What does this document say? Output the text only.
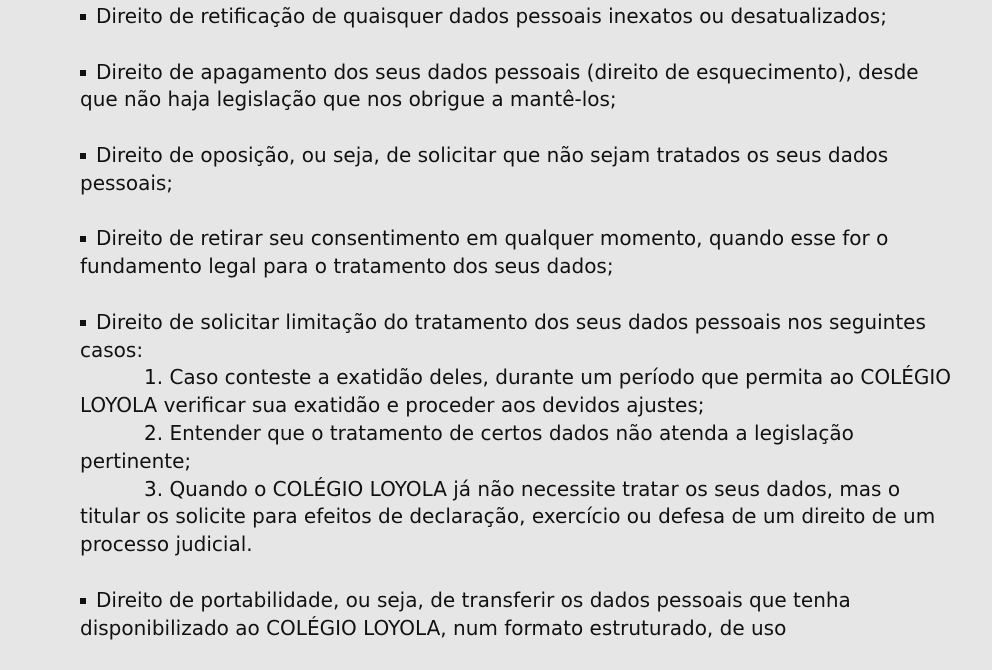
Direito de retificação de quaisquer dados pessoais inexatos ou desatualizados;

Direito de apagamento dos seus dados pessoais (direito de esquecimento), desde que não haja legislação que nos obrigue a mantê-los;

Direito de oposição, ou seja, de solicitar que não sejam tratados os seus dados pessoais;

Direito de retirar seu consentimento em qualquer momento, quando esse for o fundamento legal para o tratamento dos seus dados;

Direito de solicitar limitação do tratamento dos seus dados pessoais nos seguintes casos:
1. Caso conteste a exatidão deles, durante um período que permita ao COLÉGIO LOYOLA verificar sua exatidão e proceder aos devidos ajustes;
2. Entender que o tratamento de certos dados não atenda a legislação pertinente;
3. Quando o COLÉGIO LOYOLA já não necessite tratar os seus dados, mas o titular os solicite para efeitos de declaração, exercício ou defesa de um direito de um processo judicial.

Direito de portabilidade, ou seja, de transferir os dados pessoais que tenha disponibilizado ao COLÉGIO LOYOLA, num formato estruturado, de uso
